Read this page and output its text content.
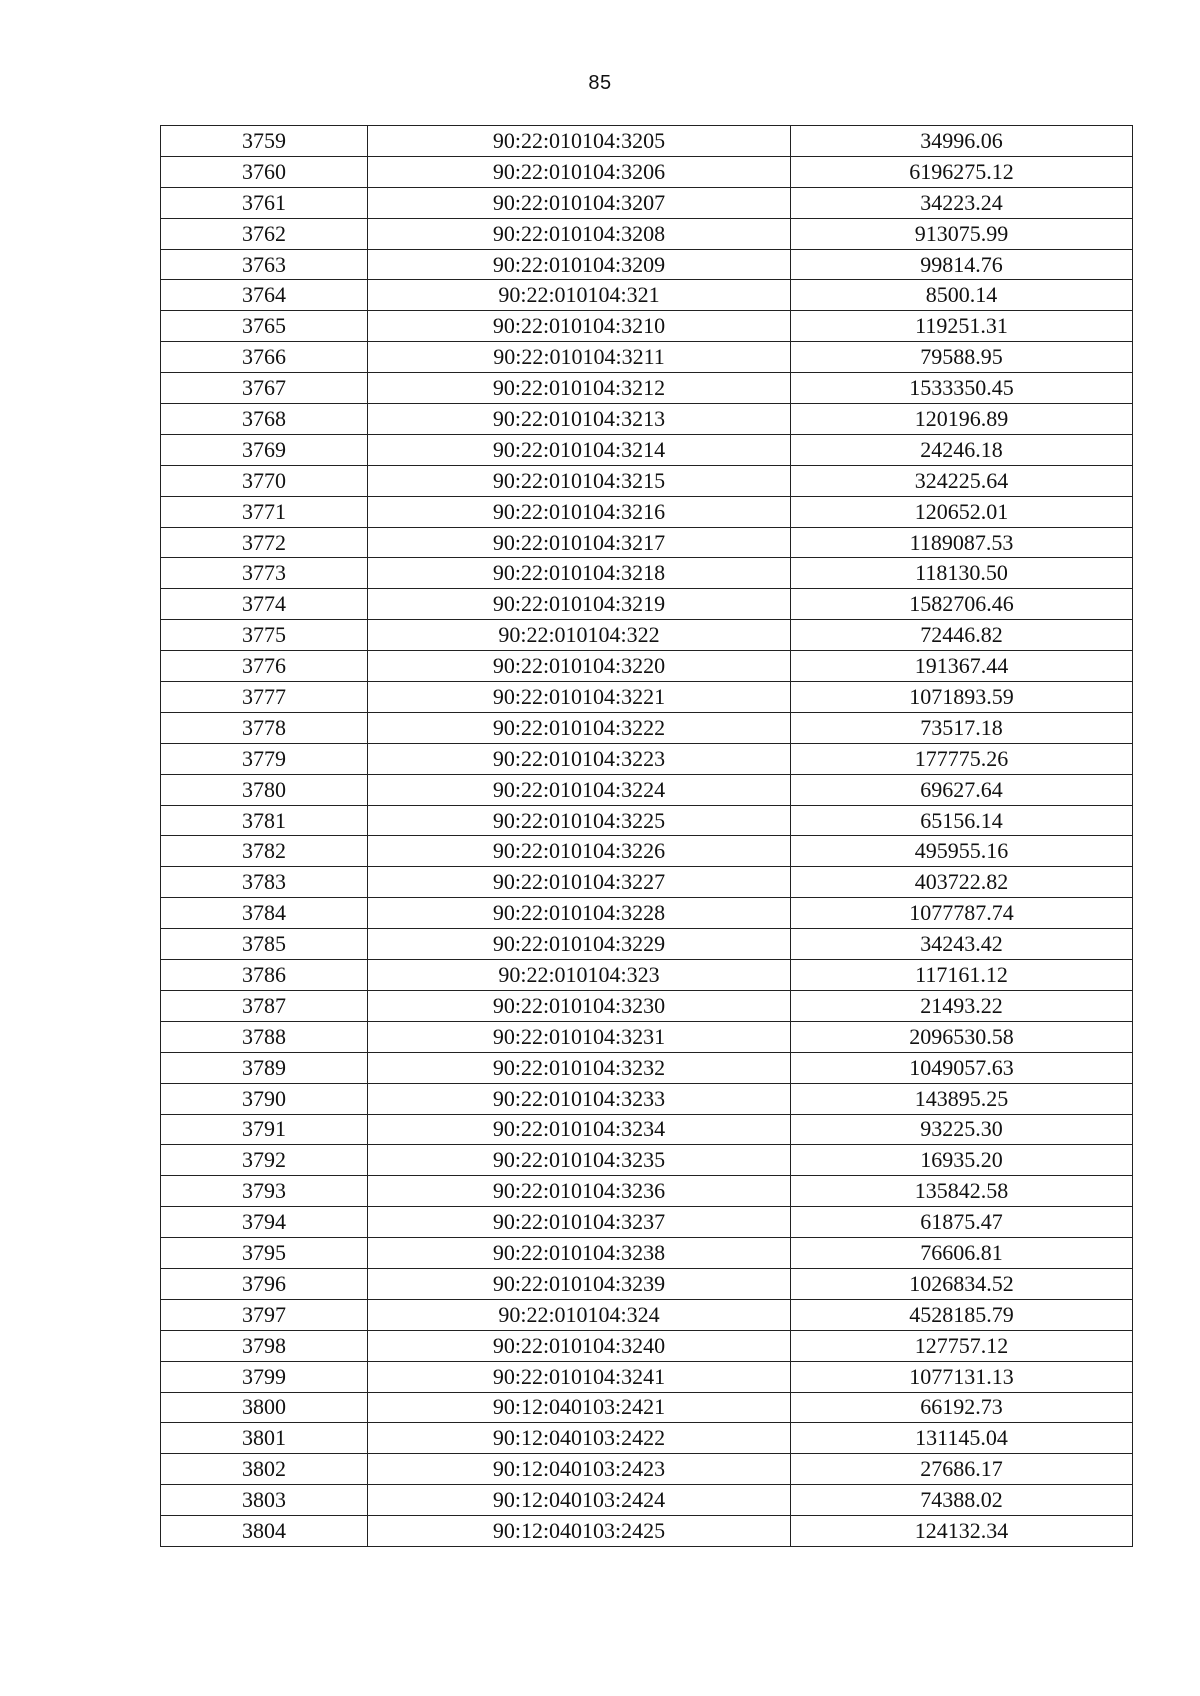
85
3759	90:22:010104:3205	34996.06
3760	90:22:010104:3206	6196275.12
3761	90:22:010104:3207	34223.24
3762	90:22:010104:3208	913075.99
3763	90:22:010104:3209	99814.76
3764	90:22:010104:321	8500.14
3765	90:22:010104:3210	119251.31
3766	90:22:010104:3211	79588.95
3767	90:22:010104:3212	1533350.45
3768	90:22:010104:3213	120196.89
3769	90:22:010104:3214	24246.18
3770	90:22:010104:3215	324225.64
3771	90:22:010104:3216	120652.01
3772	90:22:010104:3217	1189087.53
3773	90:22:010104:3218	118130.50
3774	90:22:010104:3219	1582706.46
3775	90:22:010104:322	72446.82
3776	90:22:010104:3220	191367.44
3777	90:22:010104:3221	1071893.59
3778	90:22:010104:3222	73517.18
3779	90:22:010104:3223	177775.26
3780	90:22:010104:3224	69627.64
3781	90:22:010104:3225	65156.14
3782	90:22:010104:3226	495955.16
3783	90:22:010104:3227	403722.82
3784	90:22:010104:3228	1077787.74
3785	90:22:010104:3229	34243.42
3786	90:22:010104:323	117161.12
3787	90:22:010104:3230	21493.22
3788	90:22:010104:3231	2096530.58
3789	90:22:010104:3232	1049057.63
3790	90:22:010104:3233	143895.25
3791	90:22:010104:3234	93225.30
3792	90:22:010104:3235	16935.20
3793	90:22:010104:3236	135842.58
3794	90:22:010104:3237	61875.47
3795	90:22:010104:3238	76606.81
3796	90:22:010104:3239	1026834.52
3797	90:22:010104:324	4528185.79
3798	90:22:010104:3240	127757.12
3799	90:22:010104:3241	1077131.13
3800	90:12:040103:2421	66192.73
3801	90:12:040103:2422	131145.04
3802	90:12:040103:2423	27686.17
3803	90:12:040103:2424	74388.02
3804	90:12:040103:2425	124132.34
